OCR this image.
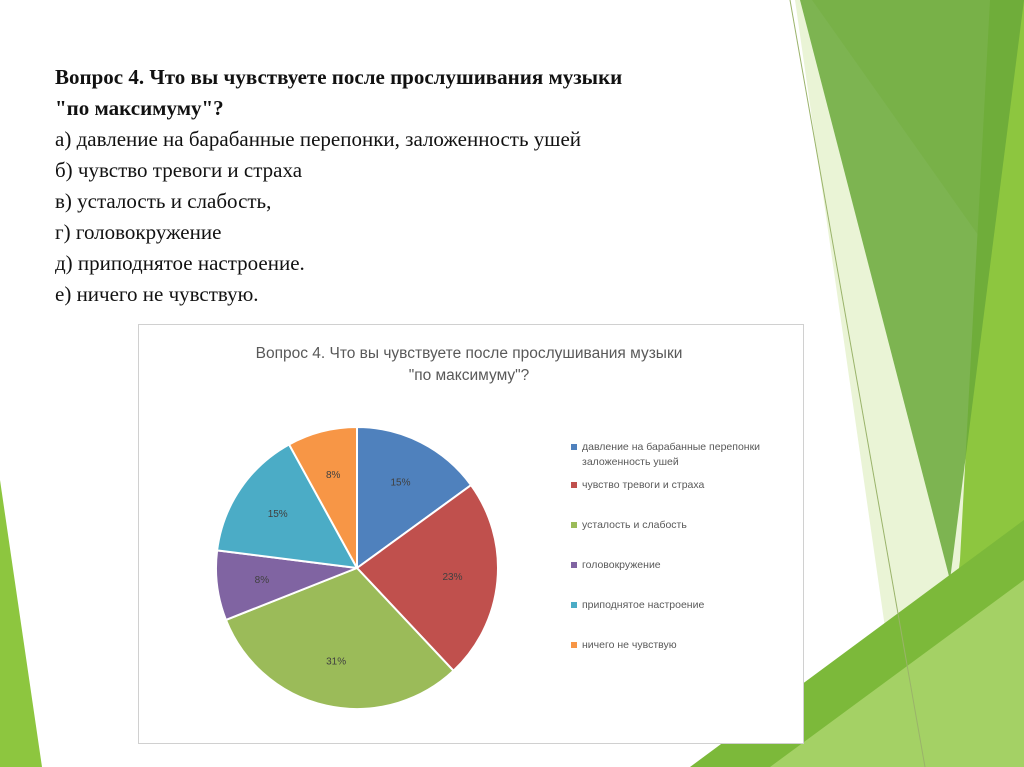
Вопрос 4. Что вы чувствуете после прослушивания музыки
"по максимуму"?
а) давление на барабанные перепонки, заложенность ушей
б) чувство тревоги и страха
в) усталость и слабость,
г) головокружение
д) приподнятое настроение.
е) ничего не чувствую.
Вопрос 4. Что вы чувствуете после прослушивания музыки
"по максимуму"?
15%
23%
31%
8%
15%
8%
давление на барабанные перепонки
заложенность ушей
чувство тревоги и страха
усталость и слабость
головокружение
приподнятое настроение
ничего не чувствую
